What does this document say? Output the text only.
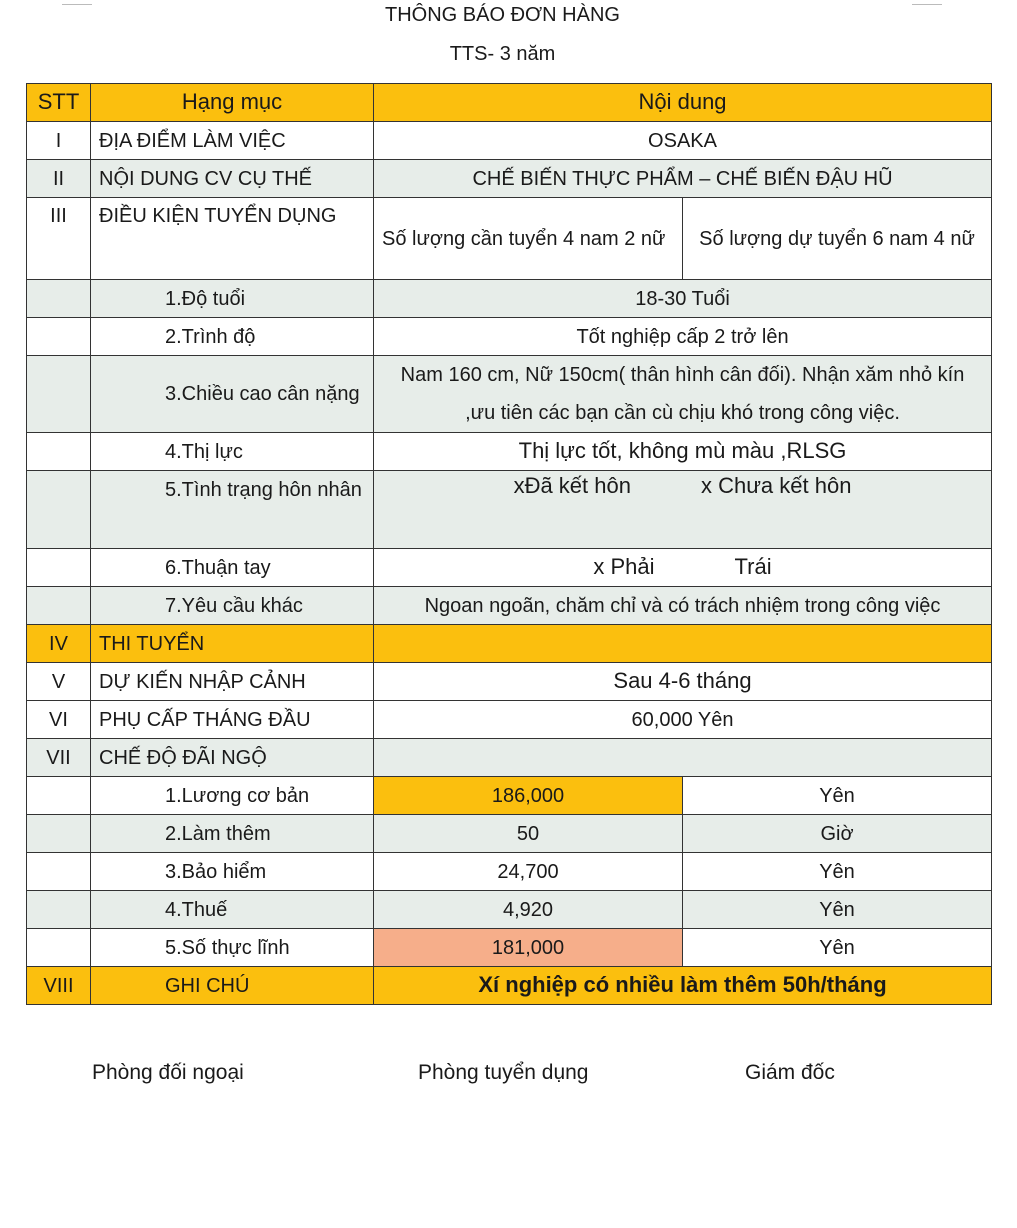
THÔNG BÁO ĐƠN HÀNG
TTS- 3 năm
STT	Hạng mục	Nội dung	
I	ĐỊA ĐIỂM LÀM VIỆC	OSAKA	
II	NỘI DUNG CV CỤ THẾ	CHẾ BIẾN THỰC PHẨM – CHẾ BIẾN ĐẬU HŨ	
III	ĐIỀU KIỆN TUYỂN DỤNG	Số lượng cần tuyển 4 nam 2 nữ	Số lượng dự tuyển 6 nam 4 nữ
	1.Độ tuổi	18-30 Tuổi	
	2.Trình độ	Tốt nghiệp cấp 2 trở lên	
	3.Chiều cao cân nặng	Nam 160 cm, Nữ 150cm( thân hình cân đối). Nhận xăm nhỏ kín ,ưu tiên các bạn cần cù chịu khó trong công việc.	
	4.Thị lực	Thị lực tốt, không mù màu ,RLSG	
	5.Tình trạng hôn nhân	xĐã kết hôn x Chưa kết hôn	
	6.Thuận tay	x Phải Trái	
	7.Yêu cầu khác	Ngoan ngoãn, chăm chỉ và có trách nhiệm trong công việc	
IV	THI TUYỂN		
V	DỰ KIẾN NHẬP CẢNH	Sau 4-6 tháng	
VI	PHỤ CẤP THÁNG ĐẦU	60,000 Yên	
VII	CHẾ ĐỘ ĐÃI NGỘ		
	1.Lương cơ bản	186,000	Yên
	2.Làm thêm	50	Giờ
	3.Bảo hiểm	24,700	Yên
	4.Thuế	4,920	Yên
	5.Số thực lĩnh	181,000	Yên
VIII	GHI CHÚ	Xí nghiệp có nhiều làm thêm 50h/tháng	
Phòng đối ngoại	Phòng tuyển dụng	Giám đốc
